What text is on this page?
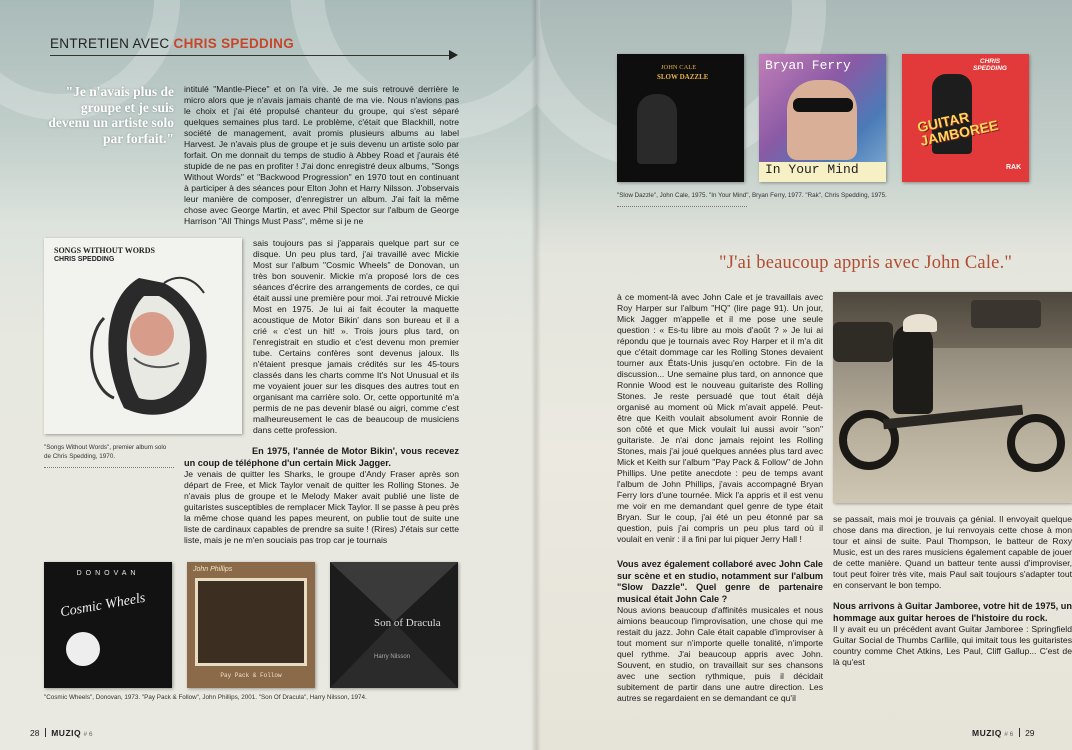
ENTRETIEN AVEC CHRIS SPEDDING
"Je n'avais plus de groupe et je suis devenu un artiste solo par forfait."

intitulé "Mantle-Piece" et on l'a vire. Je me suis retrouvé derrière le micro alors que je n'avais jamais chanté de ma vie. Nous n'avions pas le choix et j'ai été propulsé chanteur du groupe, qui s'est séparé quelques semaines plus tard. Le problème, c'était que Blackhill, notre société de management, avait promis plusieurs albums au label Harvest. Je n'avais plus de groupe et je suis devenu un artiste solo par forfait. On me donnait du temps de studio à Abbey Road et j'aurais été stupide de ne pas en profiter ! J'ai donc enregistré deux albums, "Songs Without Words" et "Backwood Progression" en 1970 tout en continuant à participer à des séances pour Elton John et Harry Nilsson. J'observais leur manière de composer, d'enregistrer un album. J'ai fait la même chose avec George Martin, et avec Phil Spector sur l'album de George Harrison "All Things Must Pass", même si je ne

SONGS WITHOUT WORDS
CHRIS SPEDDING
"Songs Without Words", premier album solo de Chris Spedding, 1970.

sais toujours pas si j'apparais quelque part sur ce disque. Un peu plus tard, j'ai travaillé avec Mickie Most sur l'album "Cosmic Wheels" de Donovan, un très bon souvenir. Mickie m'a proposé lors de ces séances d'écrire des arrangements de cordes, ce qui était aussi une première pour moi. J'ai retrouvé Mickie Most en 1975. Je lui ai fait écouter la maquette acoustique de Motor Bikin' dans son bureau et il a crié « c'est un hit! ». Trois jours plus tard, on l'enregistrait en studio et c'est devenu mon premier tube. Certains confères sont devenus jaloux. Ils n'étaient presque jamais crédités sur les 45-tours classés dans les charts comme It's Not Unusual et ils me voyaient jouer sur les disques des autres tout en organisant ma carrière solo. Or, cette opportunité m'a permis de ne pas devenir blasé ou aigri, comme c'est malheureusement le cas de beaucoup de musiciens dans cette profession.

En 1975, l'année de Motor Bikin', vous recevez un coup de téléphone d'un certain Mick Jagger.

Je venais de quitter les Sharks, le groupe d'Andy Fraser après son départ de Free, et Mick Taylor venait de quitter les Rolling Stones. Je n'avais plus de groupe et le Melody Maker avait publié une liste de guitaristes susceptibles de remplacer Mick Taylor. Il se passe à peu près la même chose quand les papes meurent, on publie tout de suite une liste de cardinaux capables de prendre sa suite ! (Rires) J'étais sur cette liste, mais je ne m'en souciais pas trop car je tournais

DONOVAN
Cosmic Wheels
John Phillips
Pay Pack & Follow
Son of Dracula
Harry Nilsson
"Cosmic Wheels", Donovan, 1973. "Pay Pack & Follow", John Phillips, 2001. "Son Of Dracula", Harry Nilsson, 1974.
28 MUZIQ # 6
JOHN CALE
SLOW DAZZLE
Bryan Ferry
In Your Mind
CHRIS SPEDDING
GUITAR JAMBOREE
RAK
"Slow Dazzle", John Cale, 1975. "In Your Mind", Bryan Ferry, 1977. "Rak", Chris Spedding, 1975.
"J'ai beaucoup appris avec John Cale."

à ce moment-là avec John Cale et je travaillais avec Roy Harper sur l'album "HQ" (lire page 91). Un jour, Mick Jagger m'appelle et il me pose une seule question : « Es-tu libre au mois d'août ? » Je lui ai répondu que je tournais avec Roy Harper et il m'a dit que c'était dommage car les Rolling Stones devaient tourner aux États-Unis jusqu'en octobre. Fin de la discussion... Une semaine plus tard, on annonce que Ronnie Wood est le nouveau guitariste des Rolling Stones. Je reste persuadé que tout était déjà organisé au moment où Mick m'avait appelé. Peut-être que Keith voulait absolument avoir Ronnie de son côté et que Mick voulait lui aussi avoir "son" guitariste. Je n'ai donc jamais rejoint les Rolling Stones, mais j'ai joué quelques années plus tard avec Mick et Keith sur l'album "Pay Pack & Follow" de John Phillips. Une petite anecdote : peu de temps avant l'album de John Phillips, j'avais accompagné Bryan Ferry lors d'une tournée. Mick l'a appris et il est venu me voir en me demandant quel genre de type était Bryan. Sur le coup, j'ai été un peu étonné par sa question, puis j'ai compris un peu plus tard où il voulait en venir : il a fini par lui piquer Jerry Hall !

Vous avez également collaboré avec John Cale sur scène et en studio, notamment sur l'album "Slow Dazzle". Quel genre de partenaire musical était John Cale ?

Nous avions beaucoup d'affinités musicales et nous aimions beaucoup l'improvisation, une chose qui me restait du jazz. John Cale était capable d'improviser à tout moment sur n'importe quelle tonalité, n'importe quel rythme. J'ai beaucoup appris avec John. Souvent, en studio, on travaillait sur ses chansons avec une section rythmique, puis il décidait subitement de partir dans une autre direction. Les autres se regardaient en se demandant ce qu'il

se passait, mais moi je trouvais ça génial. Il envoyait quelque chose dans ma direction, je lui renvoyais cette chose à mon tour et ainsi de suite. Paul Thompson, le batteur de Roxy Music, est un des rares musiciens également capable de jouer de cette manière. Quand un batteur tente aussi d'improviser, tout peut foirer très vite, mais Paul sait toujours s'adapter tout en conservant le bon tempo.

Nous arrivons à Guitar Jamboree, votre hit de 1975, un hommage aux guitar heroes de l'histoire du rock.

Il y avait eu un précédent avant Guitar Jamboree : Springfield Guitar Social de Thumbs Carllile, qui imitait tous les guitaristes country comme Chet Atkins, Les Paul, Cliff Gallup... C'est de là qu'est

MUZIQ # 6 29
